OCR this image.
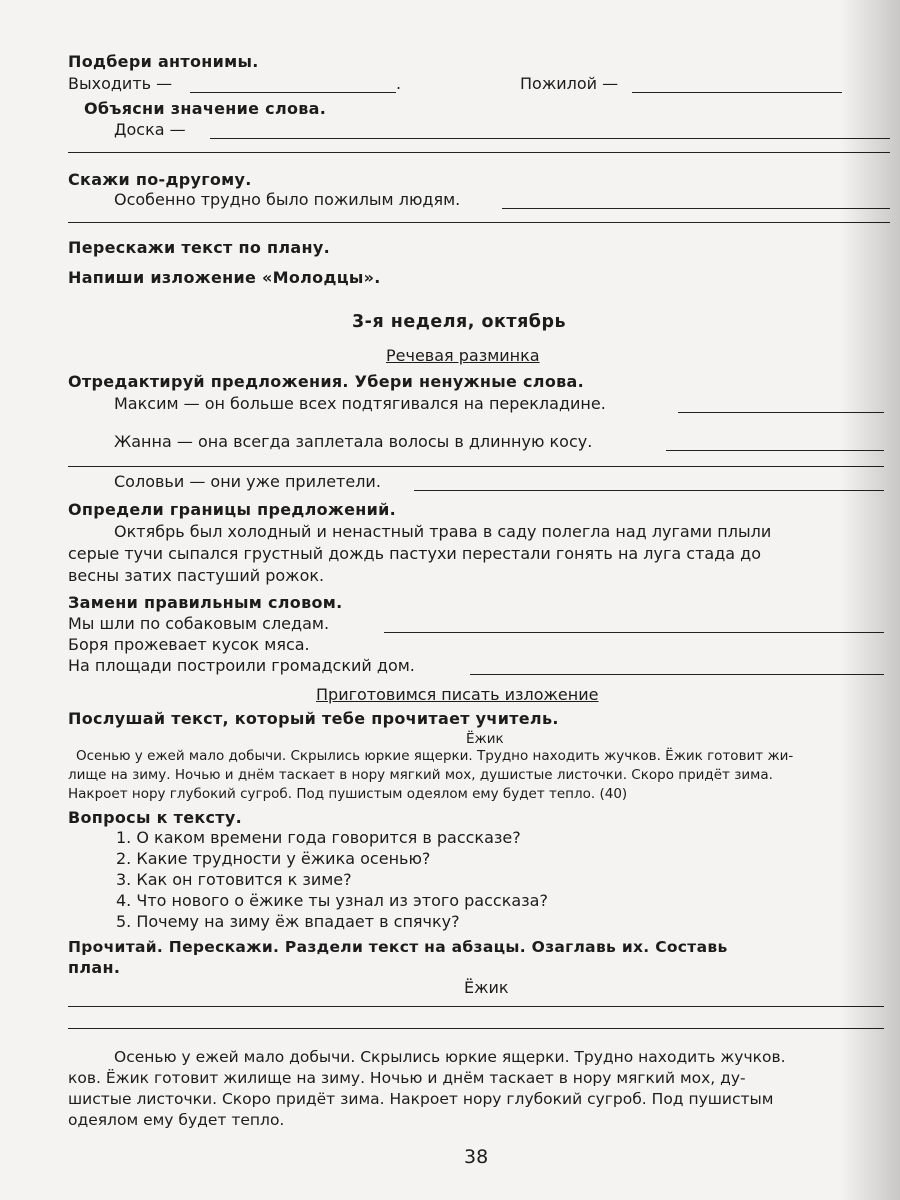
Подбери антонимы.
Выходить —	.	Пожилой —
Объясни значение слова.
Доска —
Скажи по-другому.
Особенно трудно было пожилым людям.
Перескажи текст по плану.
Напиши изложение «Молодцы».
3-я неделя, октябрь
Речевая разминка
Отредактируй предложения. Убери ненужные слова.
Максим — он больше всех подтягивался на перекладине.
Жанна — она всегда заплетала волосы в длинную косу.
Соловьи — они уже прилетели.
Определи границы предложений.
Октябрь был холодный и ненастный трава в саду полегла над лугами плыли
серые тучи сыпался грустный дождь пастухи перестали гонять на луга стада до
весны затих пастуший рожок.
Замени правильным словом.
Мы шли по собаковым следам.
Боря прожевает кусок мяса.
На площади построили громадский дом.
Приготовимся писать изложение
Послушай текст, который тебе прочитает учитель.
Ёжик
Осенью у ежей мало добычи. Скрылись юркие ящерки. Трудно находить жучков. Ёжик готовит жи-
лище на зиму. Ночью и днём таскает в нору мягкий мох, душистые листочки. Скоро придёт зима.
Накроет нору глубокий сугроб. Под пушистым одеялом ему будет тепло. (40)
Вопросы к тексту.
1. О каком времени года говорится в рассказе?
2. Какие трудности у ёжика осенью?
3. Как он готовится к зиме?
4. Что нового о ёжике ты узнал из этого рассказа?
5. Почему на зиму ёж впадает в спячку?
Прочитай. Перескажи. Раздели текст на абзацы. Озаглавь их. Составь
план.
Ёжик
Осенью у ежей мало добычи. Скрылись юркие ящерки. Трудно находить жучков.
ков. Ёжик готовит жилище на зиму. Ночью и днём таскает в нору мягкий мох, ду-
шистые листочки. Скоро придёт зима. Накроет нору глубокий сугроб. Под пушистым
одеялом ему будет тепло.
38
